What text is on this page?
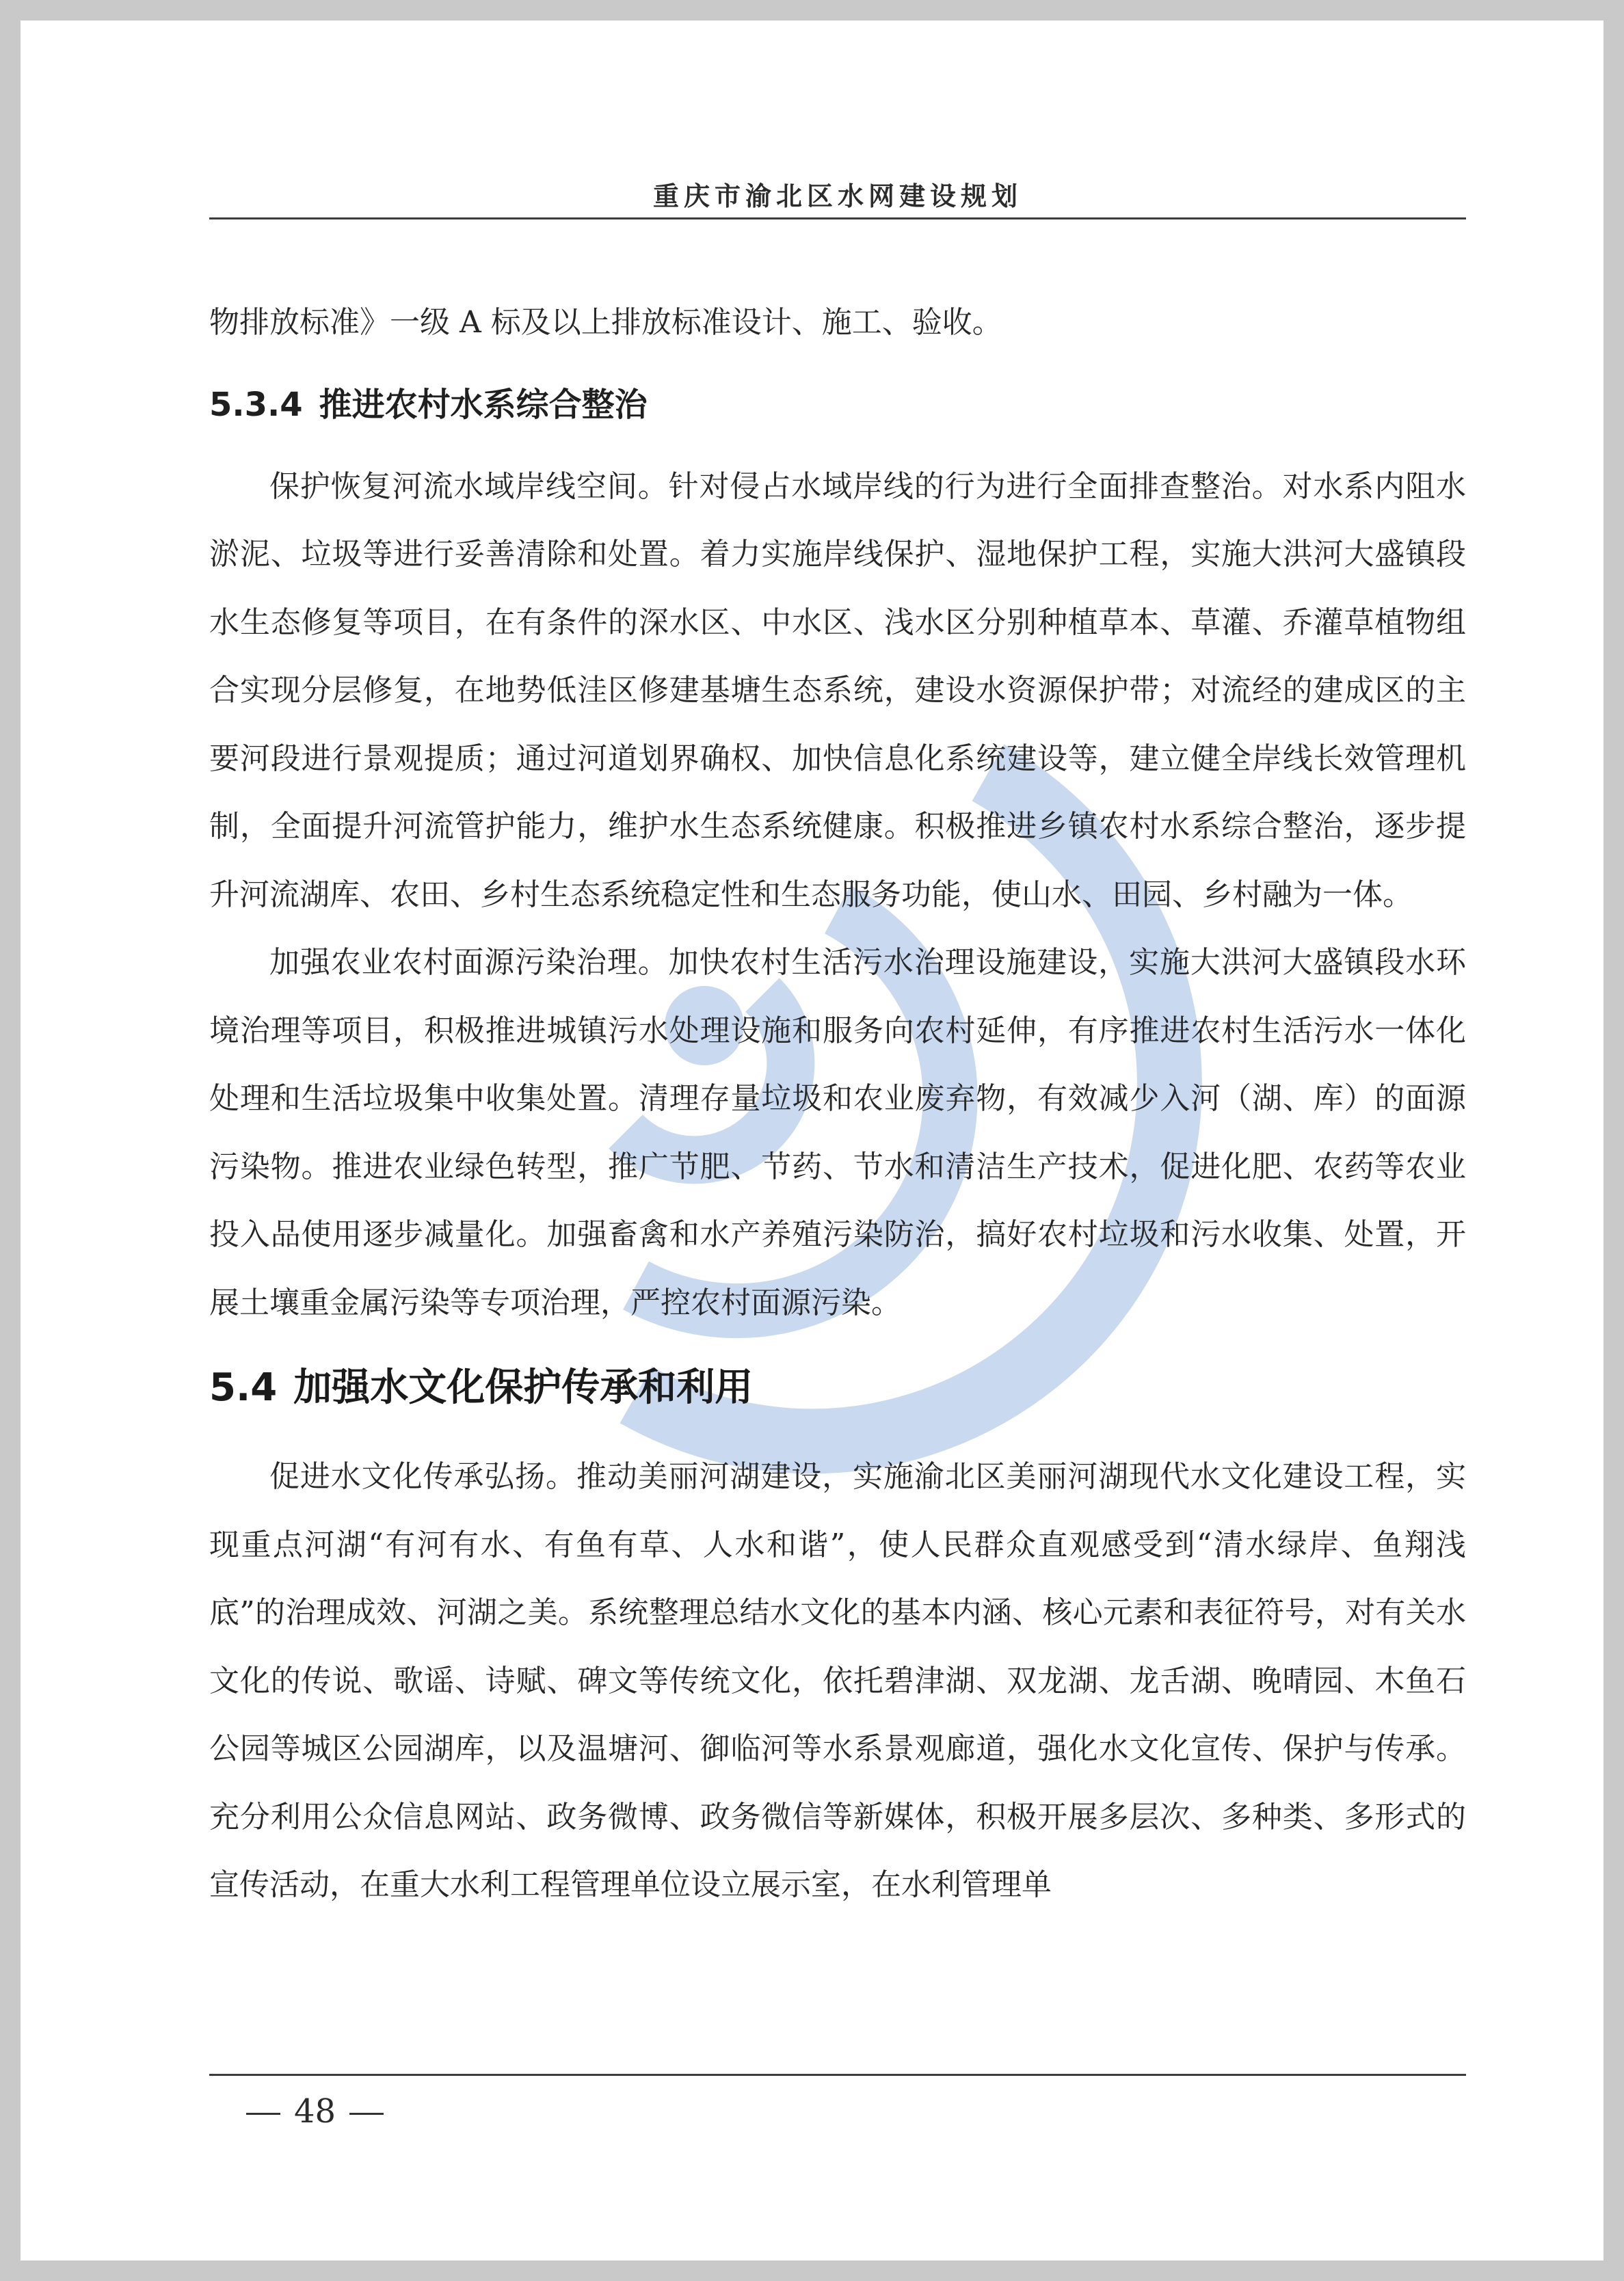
重庆市渝北区水网建设规划

物排放标准》一级 A 标及以上排放标准设计、施工、验收。

5.3.4 推进农村水系综合整治

保护恢复河流水域岸线空间。针对侵占水域岸线的行为进行全面排查整治。对水系内阻水淤泥、垃圾等进行妥善清除和处置。着力实施岸线保护、湿地保护工程，实施大洪河大盛镇段水生态修复等项目，在有条件的深水区、中水区、浅水区分别种植草本、草灌、乔灌草植物组合实现分层修复，在地势低洼区修建基塘生态系统，建设水资源保护带；对流经的建成区的主要河段进行景观提质；通过河道划界确权、加快信息化系统建设等，建立健全岸线长效管理机制，全面提升河流管护能力，维护水生态系统健康。积极推进乡镇农村水系综合整治，逐步提升河流湖库、农田、乡村生态系统稳定性和生态服务功能，使山水、田园、乡村融为一体。

加强农业农村面源污染治理。加快农村生活污水治理设施建设，实施大洪河大盛镇段水环境治理等项目，积极推进城镇污水处理设施和服务向农村延伸，有序推进农村生活污水一体化处理和生活垃圾集中收集处置。清理存量垃圾和农业废弃物，有效减少入河（湖、库）的面源污染物。推进农业绿色转型，推广节肥、节药、节水和清洁生产技术，促进化肥、农药等农业投入品使用逐步减量化。加强畜禽和水产养殖污染防治，搞好农村垃圾和污水收集、处置，开展土壤重金属污染等专项治理，严控农村面源污染。

5.4 加强水文化保护传承和利用

促进水文化传承弘扬。推动美丽河湖建设，实施渝北区美丽河湖现代水文化建设工程，实现重点河湖“有河有水、有鱼有草、人水和谐”，使人民群众直观感受到“清水绿岸、鱼翔浅底”的治理成效、河湖之美。系统整理总结水文化的基本内涵、核心元素和表征符号，对有关水文化的传说、歌谣、诗赋、碑文等传统文化，依托碧津湖、双龙湖、龙舌湖、晚晴园、木鱼石公园等城区公园湖库，以及温塘河、御临河等水系景观廊道，强化水文化宣传、保护与传承。充分利用公众信息网站、政务微博、政务微信等新媒体，积极开展多层次、多种类、多形式的宣传活动，在重大水利工程管理单位设立展示室，在水利管理单

48
